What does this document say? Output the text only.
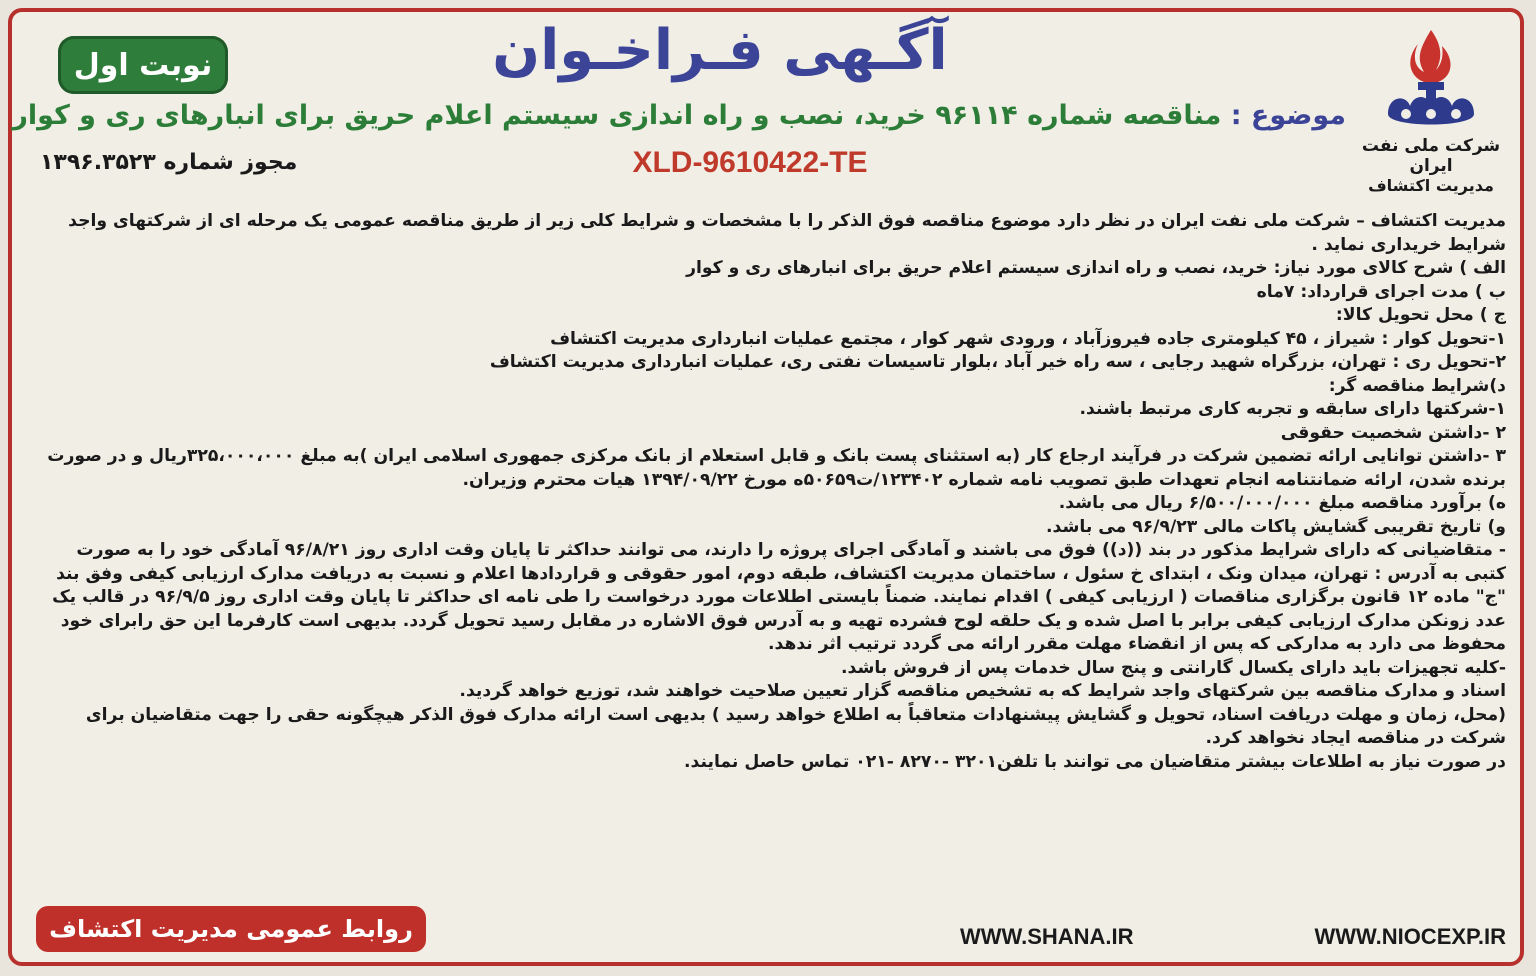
شرکت ملی نفت ایران
مدیریت اکتشاف
نوبت اول	آگـهی فـراخـوان
موضوع : مناقصه شماره ۹۶۱۱۴ خرید، نصب و راه اندازی سیستم اعلام حریق برای انبارهای ری و کوار
XLD-9610422-TE
مجوز شماره ۱۳۹۶.۳۵۲۳

مدیریت اکتشاف – شرکت ملی نفت ایران در نظر دارد موضوع مناقصه فوق الذکر را با مشخصات و شرایط کلی زیر از طریق مناقصه عمومی یک مرحله ای از شرکتهای واجد شرایط خریداری نماید .

الف ) شرح کالای مورد نیاز: خرید، نصب و راه اندازی سیستم اعلام حریق برای انبارهای ری و کوار

ب ) مدت اجرای قرارداد: ۷ماه

ج ) محل تحویل کالا:

۱-تحویل کوار : شیراز ، ۴۵ کیلومتری جاده فیروزآباد ، ورودی شهر کوار ، مجتمع عملیات انبارداری مدیریت اکتشاف

۲-تحویل ری : تهران، بزرگراه شهید رجایی ، سه راه خیر آباد ،بلوار تاسیسات نفتی ری، عملیات انبارداری مدیریت اکتشاف

د)شرایط مناقصه گر:

۱-شرکتها دارای سابقه و تجربه کاری مرتبط باشند.

۲ -داشتن شخصیت حقوقی

۳ -داشتن توانایی ارائه تضمین شرکت در فرآیند ارجاع کار (به استثنای پست بانک و قابل استعلام از بانک مرکزی جمهوری اسلامی ایران )به مبلغ ۳۲۵،۰۰۰،۰۰۰ریال و در صورت برنده شدن، ارائه ضمانتنامه انجام تعهدات طبق تصویب نامه شماره ۱۲۳۴۰۲/ت۵۰۶۵۹ه مورخ ۱۳۹۴/۰۹/۲۲ هیات محترم وزیران.

ه) برآورد مناقصه مبلغ ۶/۵۰۰/۰۰۰/۰۰۰ ریال می باشد.

و) تاریخ تقریبی گشایش پاکات مالی ۹۶/۹/۲۳ می باشد.

- متقاضیانی که دارای شرایط مذکور در بند ((د)) فوق می باشند و آمادگی اجرای پروژه را دارند، می توانند حداکثر تا پایان وقت اداری روز ۹۶/۸/۲۱ آمادگی خود را به صورت کتبی به آدرس : تهران، میدان ونک ، ابتدای خ سئول ، ساختمان مدیریت اکتشاف، طبقه دوم، امور حقوقی و قراردادها اعلام و نسبت به دریافت مدارک ارزیابی کیفی وفق بند "ج" ماده ۱۲ قانون برگزاری مناقصات ( ارزیابی کیفی ) اقدام نمایند. ضمناً بایستی اطلاعات مورد درخواست را طی نامه ای حداکثر تا پایان وقت اداری روز ۹۶/۹/۵ در قالب یک عدد زونکن مدارک ارزیابی کیفی برابر با اصل شده و یک حلقه لوح فشرده تهیه و به آدرس فوق الاشاره در مقابل رسید تحویل گردد. بدیهی است کارفرما این حق رابرای خود محفوظ می دارد به مدارکی که پس از انقضاء مهلت مقرر ارائه می گردد ترتیب اثر ندهد.

-کلیه تجهیزات باید دارای یکسال گارانتی و پنج سال خدمات پس از فروش باشد.

اسناد و مدارک مناقصه بین شرکتهای واجد شرایط که به تشخیص مناقصه گزار تعیین صلاحیت خواهند شد، توزیع خواهد گردید.

(محل، زمان و مهلت دریافت اسناد، تحویل و گشایش پیشنهادات متعاقباً به اطلاع خواهد رسید ) بدیهی است ارائه مدارک فوق الذکر هیچگونه حقی را جهت متقاضیان برای شرکت در مناقصه ایجاد نخواهد کرد.

در صورت نیاز به اطلاعات بیشتر متقاضیان می توانند با تلفن۳۲۰۱ -۸۲۷۰ -۰۲۱ تماس حاصل نمایند.

روابط عمومی مدیریت اکتشاف	WWW.NIOCEXP.IR
WWW.SHANA.IR
